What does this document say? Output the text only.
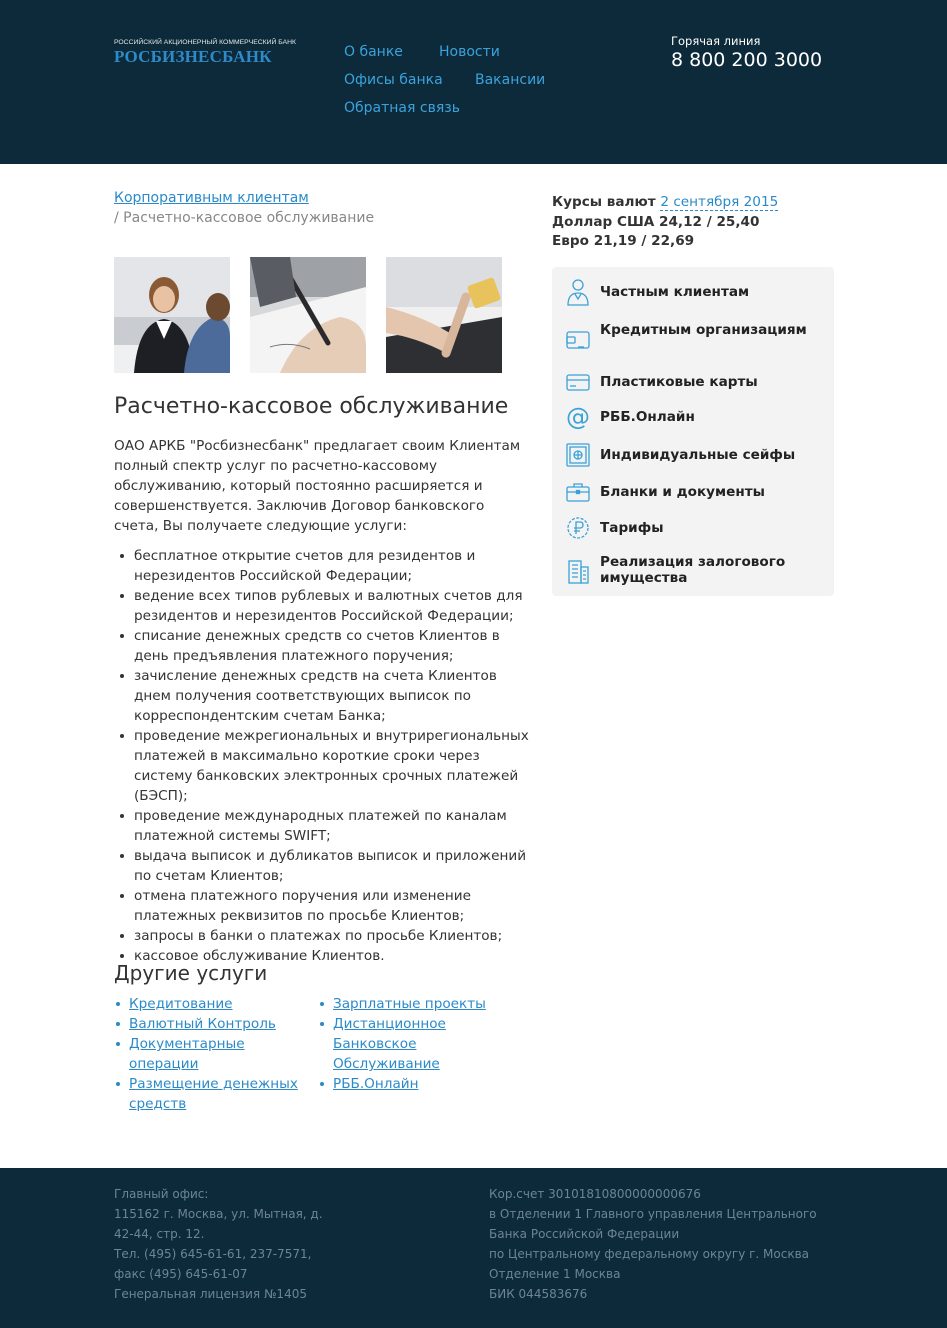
РОССИЙСКИЙ АКЦИОНЕРНЫЙ КОММЕРЧЕСКИЙ БАНК
РОСБИЗНЕСБАНК	О банке	Новости
Офисы банка Вакансии
Обратная связь
Горячая линия
8 800 200 3000
Корпоративным клиентам
/ Расчетно-кассовое обслуживание
Расчетно-кассовое обслуживание

ОАО АРКБ "Росбизнесбанк" предлагает своим Клиентам полный спектр услуг по расчетно-кассовому обслуживанию, который постоянно расширяется и совершенствуется. Заключив Договор банковского счета, Вы получаете следующие услуги:

бесплатное открытие счетов для резидентов и нерезидентов Российской Федерации;
ведение всех типов рублевых и валютных счетов для резидентов и нерезидентов Российской Федерации;
списание денежных средств со счетов Клиентов в день предъявления платежного поручения;
зачисление денежных средств на счета Клиентов днем получения соответствующих выписок по корреспондентским счетам Банка;
проведение межрегиональных и внутрирегиональных платежей в максимально короткие сроки через систему банковских электронных срочных платежей (БЭСП);
проведение международных платежей по каналам платежной системы SWIFT;
выдача выписок и дубликатов выписок и приложений по счетам Клиентов;
отмена платежного поручения или изменение платежных реквизитов по просьбе Клиентов;
запросы в банки о платежах по просьбе Клиентов;
кассовое обслуживание Клиентов.
Другие услуги
Кредитование
Валютный Контроль
Документарные операции
Размещение денежных средств
Зарплатные проекты
Дистанционное Банковское Обслуживание
РББ.Онлайн
Курсы валют 2 сентября 2015
Доллар США 24,12 / 25,40
Евро 21,19 / 22,69
Частным клиентам
Кредитным организациям
Пластиковые карты
@ РББ.Онлайн
Индивидуальные сейфы
Бланки и документы
Тарифы
Реализация залогового имущества
Главный офис:
115162 г. Москва, ул. Мытная, д. 42-44, стр. 12.
Тел. (495) 645-61-61, 237-7571, факс (495) 645-61-07
Генеральная лицензия №1405
Кор.счет 30101810800000000676
в Отделении 1 Главного управления Центрального Банка Российской Федерации
по Центральному федеральному округу г. Москва
Отделение 1 Москва
БИК 044583676
